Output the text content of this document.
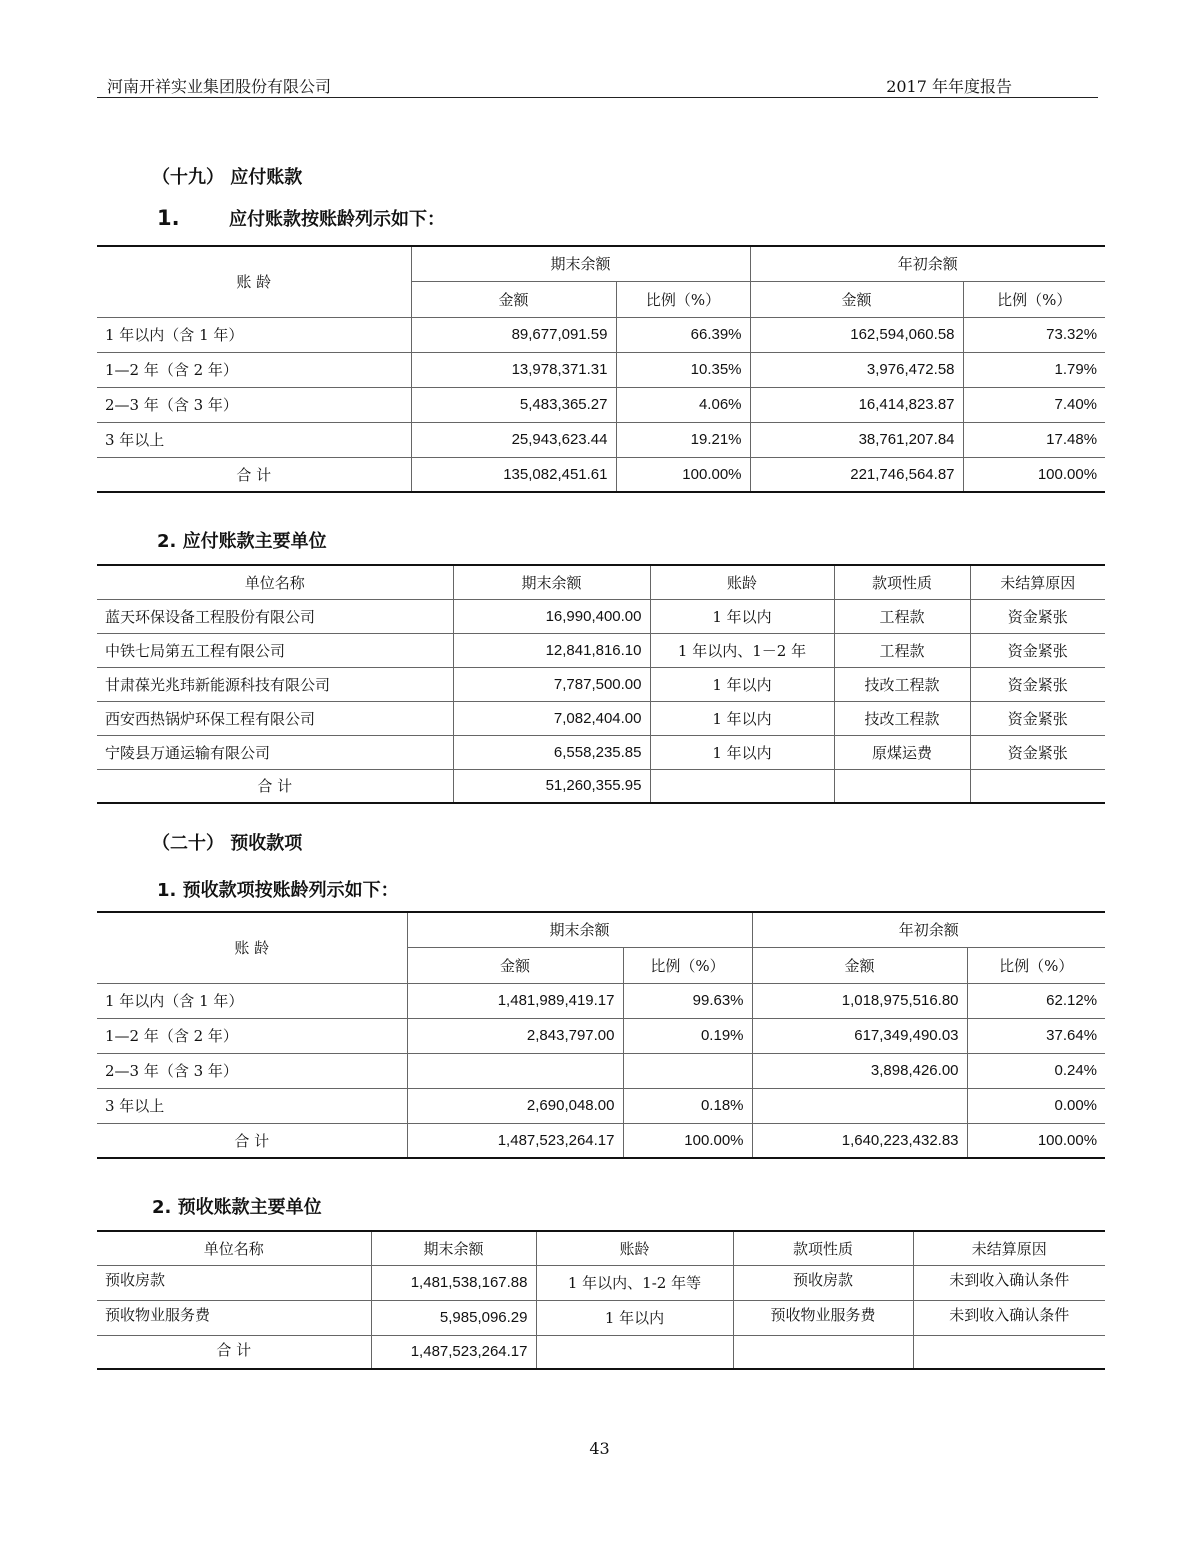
河南开祥实业集团股份有限公司	2017 年年度报告
（十九） 应付账款
1.	应付账款按账龄列示如下：
账 龄	期末余额		年初余额	
	金额	比例（%）	金额	比例（%）
1 年以内（含 1 年）	89,677,091.59	66.39%	162,594,060.58	73.32%
1—2 年（含 2 年）	13,978,371.31	10.35%	3,976,472.58	1.79%
2—3 年（含 3 年）	5,483,365.27	4.06%	16,414,823.87	7.40%
3 年以上	25,943,623.44	19.21%	38,761,207.84	17.48%
合 计	135,082,451.61	100.00%	221,746,564.87	100.00%
2. 应付账款主要单位
单位名称	期末余额	账龄	款项性质	未结算原因
蓝天环保设备工程股份有限公司	16,990,400.00	1 年以内	工程款	资金紧张
中铁七局第五工程有限公司	12,841,816.10	1 年以内、1－2 年	工程款	资金紧张
甘肃葆光兆玮新能源科技有限公司	7,787,500.00	1 年以内	技改工程款	资金紧张
西安西热锅炉环保工程有限公司	7,082,404.00	1 年以内	技改工程款	资金紧张
宁陵县万通运输有限公司	6,558,235.85	1 年以内	原煤运费	资金紧张
合 计	51,260,355.95			
（二十） 预收款项
1. 预收款项按账龄列示如下：
账 龄	期末余额		年初余额	
	金额	比例（%）	金额	比例（%）
1 年以内（含 1 年）	1,481,989,419.17	99.63%	1,018,975,516.80	62.12%
1—2 年（含 2 年）	2,843,797.00	0.19%	617,349,490.03	37.64%
2—3 年（含 3 年）			3,898,426.00	0.24%
3 年以上	2,690,048.00	0.18%		0.00%
合 计	1,487,523,264.17	100.00%	1,640,223,432.83	100.00%
2. 预收账款主要单位
单位名称	期末余额	账龄	款项性质	未结算原因
预收房款	1,481,538,167.88	1 年以内、1-2 年等	预收房款	未到收入确认条件
预收物业服务费	5,985,096.29	1 年以内	预收物业服务费	未到收入确认条件
合 计	1,487,523,264.17			
43
